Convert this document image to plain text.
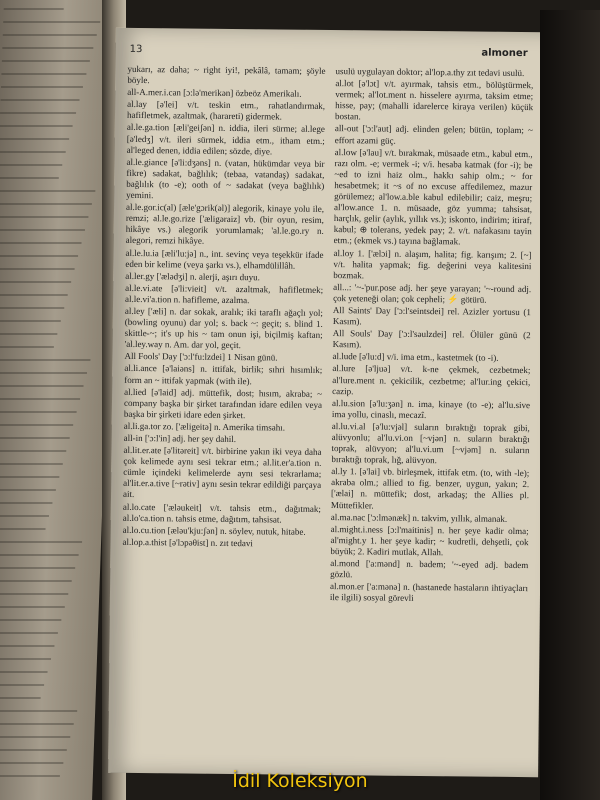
13	almoner

yukarı, az daha; ~ right iyi!, pekâlâ, tamam; şöyle böyle.

all-A.mer.i.can [ɔ:lə'merikən] özbeöz Amerikalı.

al.lay [ə'lei] v/t. teskin etm., rahatlandırmak, hafifletmek, azaltmak, (harareti) gidermek.

al.le.ga.tion [æli'geiʃən] n. iddia, ileri sürme; al.lege [ə'ledʒ] v/t. ileri sürmek, iddia etm., itham etm.; al'leged denen, iddia edilen; sözde, diye.

al.le.giance [ə'li:dʒəns] n. (vatan, hükümdar veya bir fikre) sadakat, bağlılık; (tebaa, vatandaş) sadakat, bağlılık (to -e); ooth of ~ sadakat (veya bağlılık) yemini.

al.le.gor.ic(al) [æle'gɔrik(əl)] alegorik, kinaye yolu ile, remzi; al.le.go.rize ['æligəraiz] vb. (bir oyun, resim, hikâye vs.) alegorik yorumlamak; 'al.le.go.ry n. alegori, remzi hikâye.

al.le.lu.ia [æli'lu:jə] n., int. sevinç veya teşekkür ifade eden bir kelime (veya şarkı vs.), elhamdülillâh.

al.ler.gy ['ælədʒi] n. alerji, aşırı duyu.

al.le.vi.ate [ə'li:vieit] v/t. azaltmak, hafifletmek; al.le.vi'a.tion n. hafifleme, azalma.

al.ley ['æli] n. dar sokak, aralık; iki taraflı ağaçlı yol; (bowling oyunu) dar yol; s. back ~: geçit; s. blind 1. skittle-~; it's up his ~ tam onun işi, biçilmiş kaftan; 'al.ley.way n. Am. dar yol, geçit.

All Fools' Day ['ɔ:l'fu:lzdei] 1 Nisan günü.

al.li.ance [ə'laiəns] n. ittifak, birlik; sıhri hısımlık; form an ~ ittifak yapmak (with ile).

al.lied [ə'laid] adj. müttefik, dost; hısım, akraba; ~ company başka bir şirket tarafından idare edilen veya başka bir şirketi idare eden şirket.

al.li.ga.tor zo. ['æligeitə] n. Amerika timsahı.

all-in ['ɔ:l'in] adj. her şey dahil.

al.lit.er.ate [ə'litəreit] v/t. birbirine yakın iki veya daha çok kelimede aynı sesi tekrar etm.; al.lit.er'a.tion n. cümle içindeki kelimelerde aynı sesi tekrarlama; al'lit.er.a.tive [~rətiv] aynı sesin tekrar edildiği parçaya ait.

al.lo.cate ['æləukeit] v/t. tahsis etm., dağıtmak; al.lo'ca.tion n. tahsis etme, dağıtım, tahsisat.

al.lo.cu.tion [æləu'kju:ʃən] n. söylev, nutuk, hitabe.

al.lop.a.thist [ə'lɔpəθist] n. zıt tedavi

usulü uygulayan doktor; al'lop.a.thy zıt tedavi usulü.

al.lot [ə'lɔt] v/t. ayırmak, tahsis etm., bölüştürmek, vermek; al'lot.ment n. hisselere ayırma, taksim etme; hisse, pay; (mahalli idarelerce kiraya verilen) küçük bostan.

all-out ['ɔ:l'aut] adj. elinden gelen; bütün, toplam; ~ effort azami güç.

al.low [ə'lau] v/t. bırakmak, müsaade etm., kabul etm., razı olm. -e; vermek -i; v/i. hesaba katmak (for -i); be ~ed to izni haiz olm., hakkı sahip olm.; ~ for hesabetmek; it ~s of no excuse affedilemez, mazur görülemez; al'low.a.ble kabul edilebilir; caiz, meşru; al'low.ance 1. n. müsaade, göz yumma; tahsisat, harçlık, gelir (aylık, yıllık vs.); iskonto, indirim; itiraf, kabul; ⊕ tolerans, yedek pay; 2. v/t. nafakasını tayin etm.; (ekmek vs.) tayına bağlamak.

al.loy 1. ['ælɔi] n. alaşım, halita; fig. karışım; 2. [~] v/t. halita yapmak; fig. değerini veya kalitesini bozmak.

all...: '~-'pur.pose adj. her şeye yarayan; '~-round adj. çok yeteneği olan; çok cepheli; ⚡ götürü.

All Saints' Day ['ɔ:l'seintsdei] rel. Azizler yortusu (1 Kasım).

All Souls' Day ['ɔ:l'səulzdei] rel. Ölüler günü (2 Kasım).

al.lude [ə'lu:d] v/i. ima etm., kastetmek (to -i).

al.lure [ə'ljuə] v/t. k-ne çekmek, cezbetmek; al'lure.ment n. çekicilik, cezbetme; al'lur.ing çekici, cazip.

al.lu.sion [ə'lu:ʒən] n. ima, kinaye (to -e); al'lu.sive ima yollu, cinaslı, mecazî.

al.lu.vi.al [ə'lu:vjəl] suların bıraktığı toprak gibi, alüvyonlu; al'lu.vi.on [~vjən] n. suların bıraktığı toprak, alüvyon; al'lu.vi.um [~vjəm] n. suların bıraktığı toprak, lığ, alüvyon.

al.ly 1. [ə'lai] vb. birleşmek, ittifak etm. (to, with -le); akraba olm.; allied to fig. benzer, uygun, yakın; 2. ['ælai] n. müttefik; dost, arkadaş; the Allies pl. Müttefikler.

al.ma.nac ['ɔ:lmənæk] n. takvim, yıllık, almanak.

al.might.i.ness [ɔ:l'maitinis] n. her şeye kadir olma; al'might.y 1. her şeye kadir; ~ kudretli, dehşetli, çok büyük; 2. Kadiri mutlak, Allah.

al.mond ['a:mənd] n. badem; '~-eyed adj. badem gözlü.

al.mon.er ['a:mənə] n. (hastanede hastaların ihtiyaçları ile ilgili) sosyal görevli

İdil Koleksiyon
